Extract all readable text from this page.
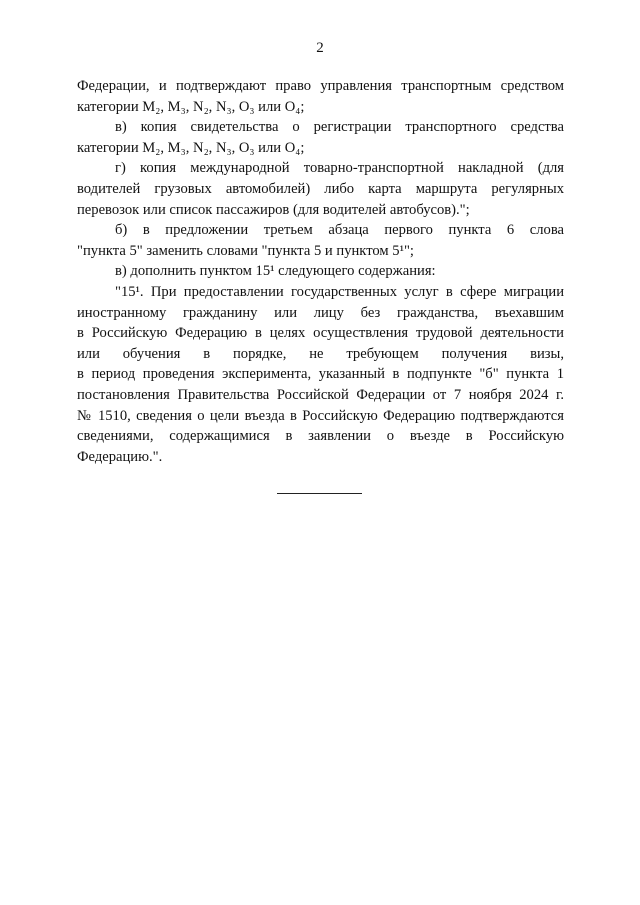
2
Федерации, и подтверждают право управления транспортным средством
категории M₂, M₃, N₂, N₃, O₃ или O₄;
в) копия свидетельства о регистрации транспортного средства
категории M₂, M₃, N₂, N₃, O₃ или O₄;
г) копия международной товарно-транспортной накладной (для
водителей грузовых автомобилей) либо карта маршрута регулярных
перевозок или список пассажиров (для водителей автобусов).";
б) в предложении третьем абзаца первого пункта 6 слова
"пункта 5" заменить словами "пункта 5 и пунктом 5¹";
в) дополнить пунктом 15¹ следующего содержания:
"15¹. При предоставлении государственных услуг в сфере миграции
иностранному гражданину или лицу без гражданства, въехавшим
в Российскую Федерацию в целях осуществления трудовой деятельности
или обучения в порядке, не требующем получения визы,
в период проведения эксперимента, указанный в подпункте "б" пункта 1
постановления Правительства Российской Федерации от 7 ноября 2024 г.
№ 1510, сведения о цели въезда в Российскую Федерацию подтверждаются
сведениями, содержащимися в заявлении о въезде в Российскую
Федерацию.".
